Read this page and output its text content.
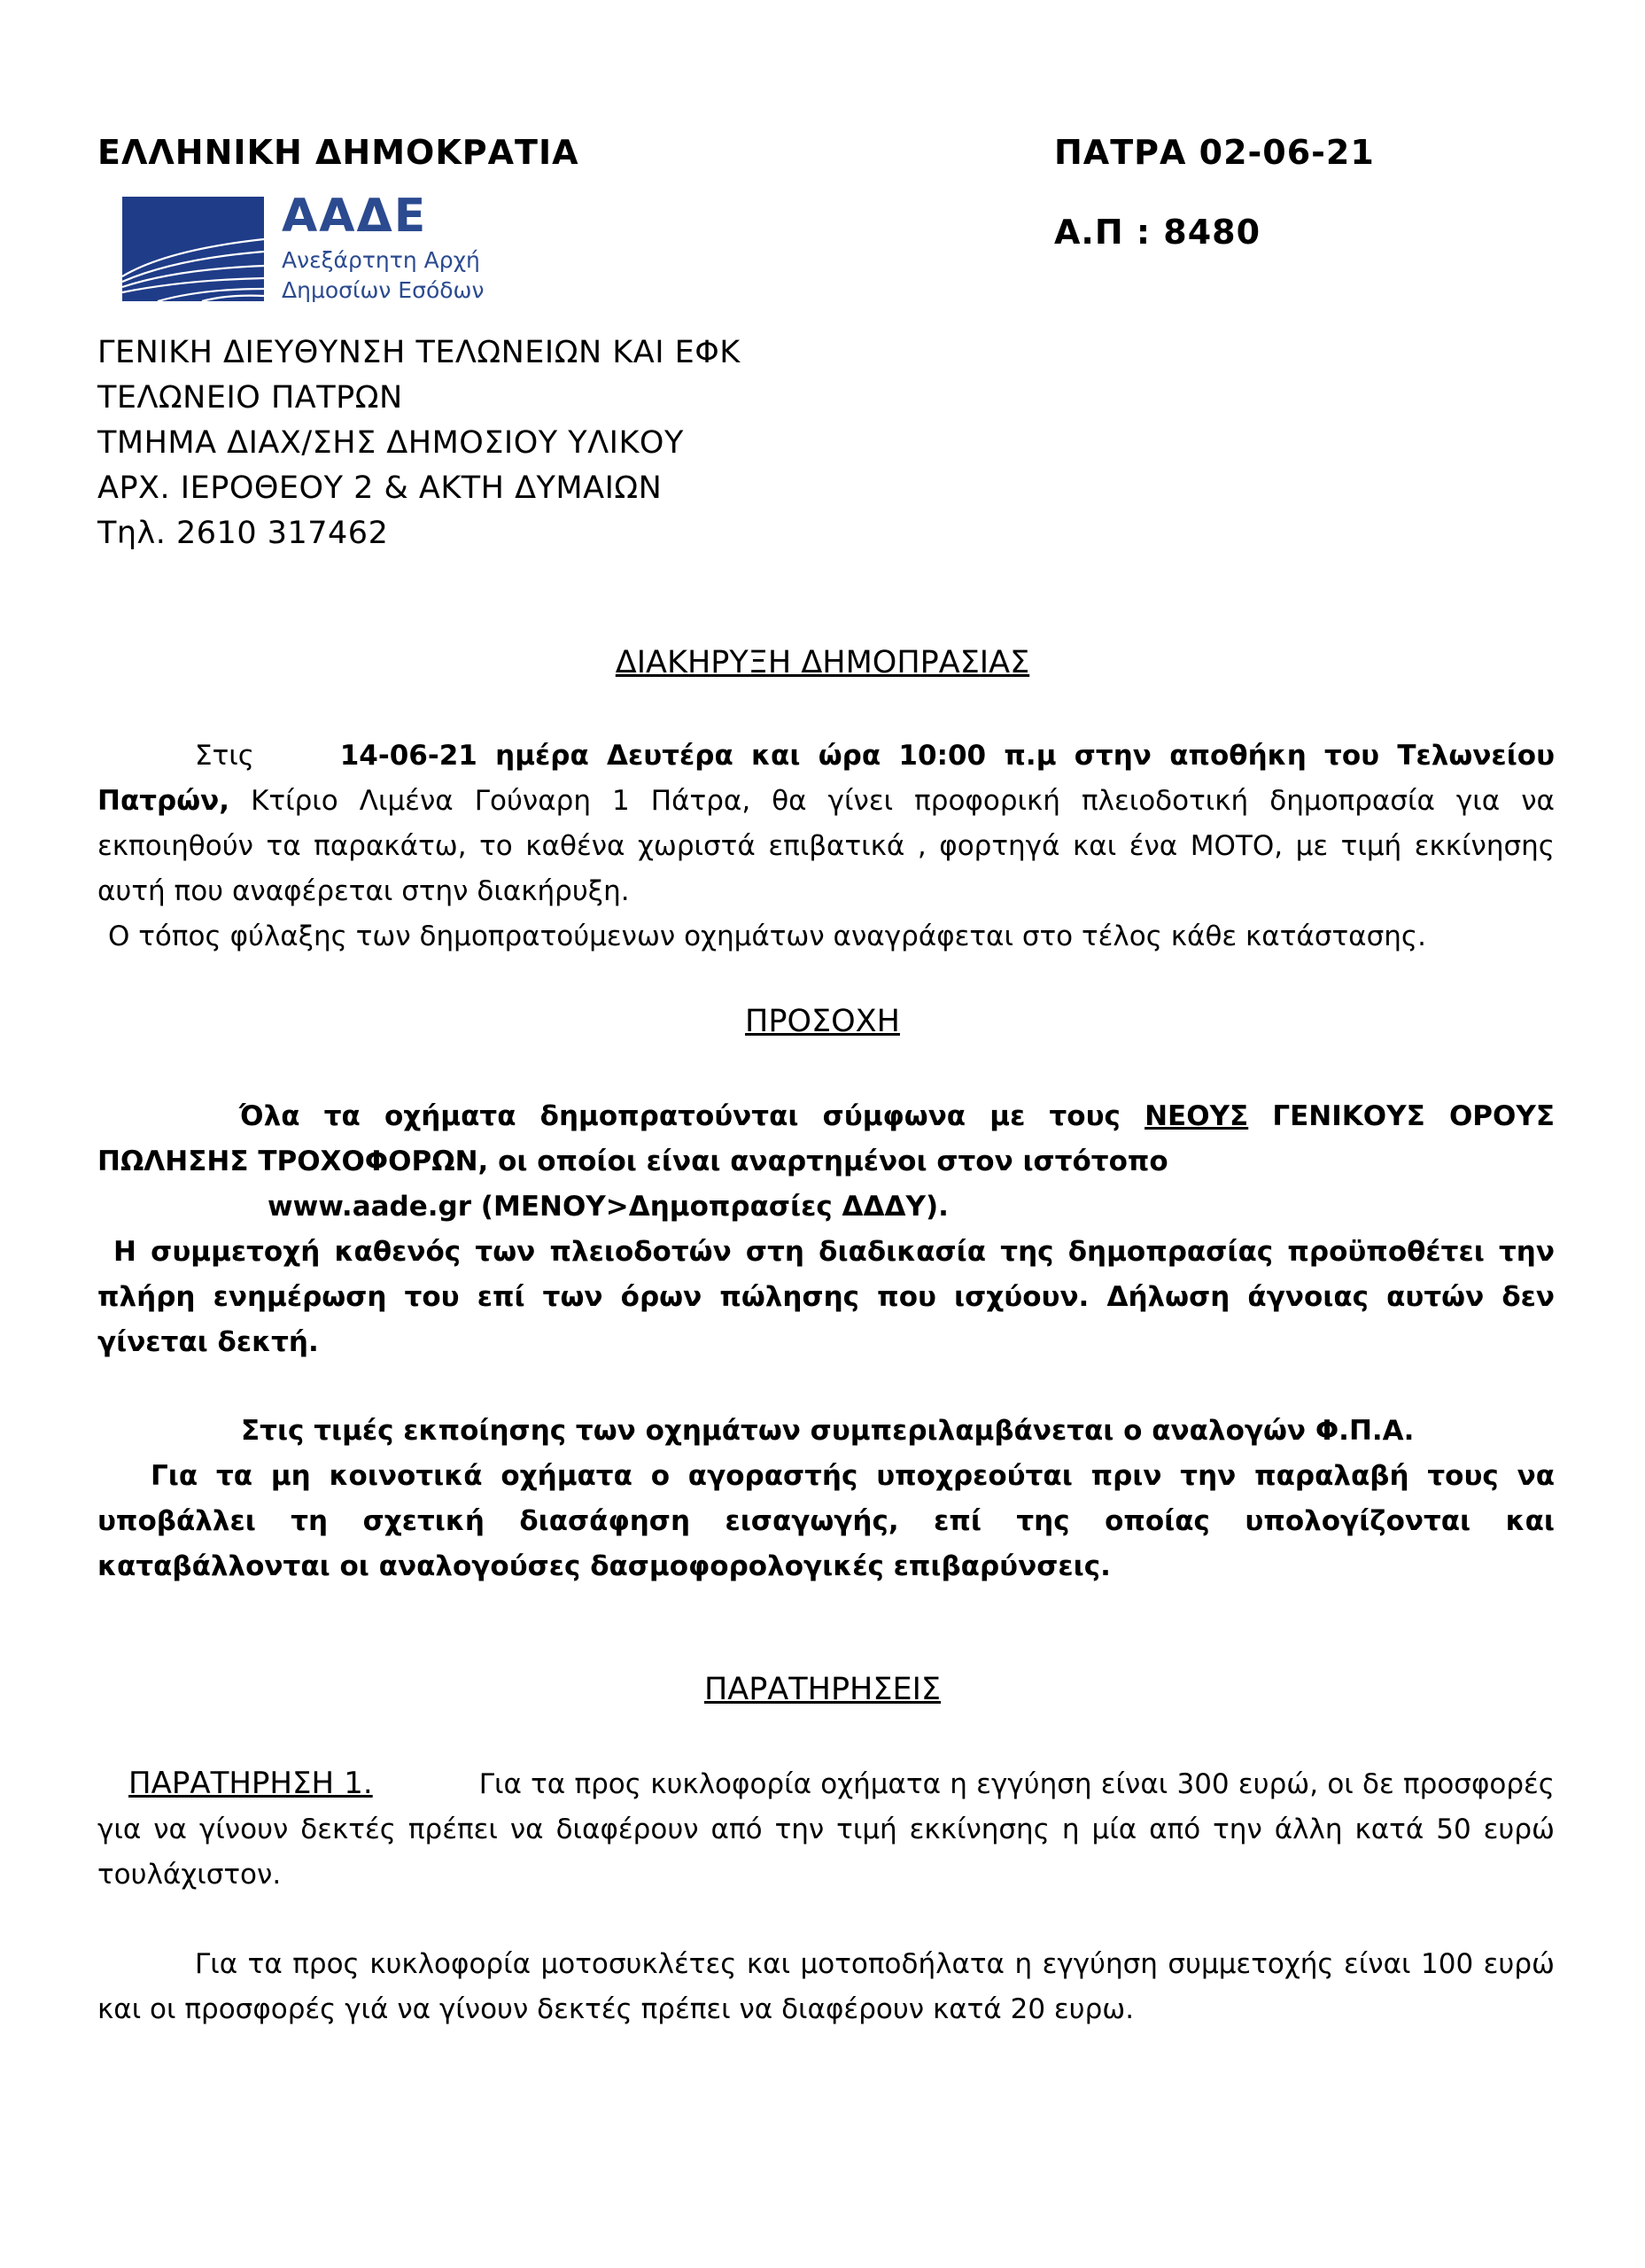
ΕΛΛΗΝΙΚΗ ΔΗΜΟΚΡΑΤΙΑ	ΠΑΤΡΑ 02-06-21
Α.Π : 8480
ΑΑΔΕ
Ανεξάρτητη Αρχή
Δημοσίων Εσόδων
ΓΕΝΙΚΗ ΔΙΕΥΘΥΝΣΗ ΤΕΛΩΝΕΙΩΝ ΚΑΙ ΕΦΚ
ΤΕΛΩΝΕΙΟ ΠΑΤΡΩΝ
ΤΜΗΜΑ ΔΙΑΧ/ΣΗΣ ΔΗΜΟΣΙΟΥ ΥΛΙΚΟΥ
ΑΡΧ. ΙΕΡΟΘΕΟΥ 2 & ΑΚΤΗ ΔΥΜΑΙΩΝ
Τηλ. 2610 317462
ΔΙΑΚΗΡΥΞΗ ΔΗΜΟΠΡΑΣΙΑΣ
Στις	14-06-21 ημέρα Δευτέρα και ώρα 10:00 π.μ στην αποθήκη του Τελωνείου Πατρών, Κτίριο Λιμένα Γούναρη 1 Πάτρα, θα γίνει προφορική πλειοδοτική δημοπρασία για να εκποιηθούν τα παρακάτω, το καθένα χωριστά επιβατικά , φορτηγά και ένα ΜΟΤΟ, με τιμή εκκίνησης αυτή που αναφέρεται στην διακήρυξη.
Ο τόπος φύλαξης των δημοπρατούμενων οχημάτων αναγράφεται στο τέλος κάθε κατάστασης.
ΠΡΟΣΟΧΗ
Όλα τα οχήματα δημοπρατούνται σύμφωνα με τους ΝΕΟΥΣ ΓΕΝΙΚΟΥΣ ΟΡΟΥΣ ΠΩΛΗΣΗΣ ΤΡΟΧΟΦΟΡΩΝ, οι οποίοι είναι αναρτημένοι στον ιστότοπο
www.aade.gr (ΜΕΝΟΥ>Δημοπρασίες ΔΔΔΥ).
Η συμμετοχή καθενός των πλειοδοτών στη διαδικασία της δημοπρασίας προϋποθέτει την πλήρη ενημέρωση του επί των όρων πώλησης που ισχύουν. Δήλωση άγνοιας αυτών δεν γίνεται δεκτή.
Στις τιμές εκποίησης των οχημάτων συμπεριλαμβάνεται ο αναλογών Φ.Π.Α.
Για τα μη κοινοτικά οχήματα ο αγοραστής υποχρεούται πριν την παραλαβή τους να υποβάλλει τη σχετική διασάφηση εισαγωγής, επί της οποίας υπολογίζονται και καταβάλλονται οι αναλογούσες δασμοφορολογικές επιβαρύνσεις.
ΠΑΡΑΤΗΡΗΣΕΙΣ
ΠΑΡΑΤΗΡΗΣΗ 1.	Για τα προς κυκλοφορία οχήματα η εγγύηση είναι 300 ευρώ, οι δε προσφορές για να γίνουν δεκτές πρέπει να διαφέρουν από την τιμή εκκίνησης η μία από την άλλη κατά 50 ευρώ τουλάχιστον.
Για τα προς κυκλοφορία μοτοσυκλέτες και μοτοποδήλατα η εγγύηση συμμετοχής είναι 100 ευρώ και οι προσφορές γιά να γίνουν δεκτές πρέπει να διαφέρουν κατά 20 ευρω.
